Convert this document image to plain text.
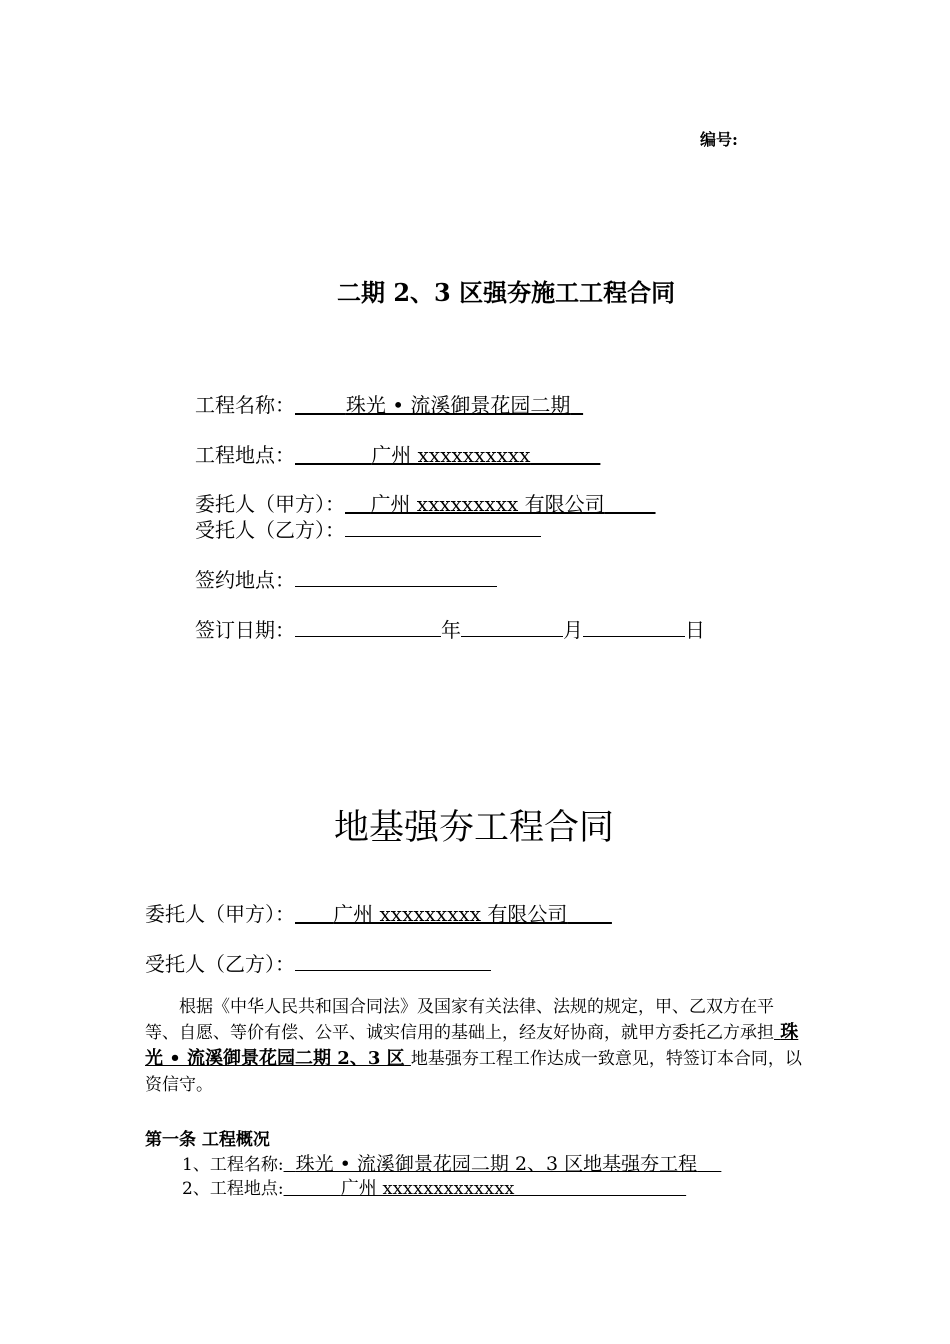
编号:
二期 2、3 区强夯施工工程合同
工程名称：	珠光 • 流溪御景花园二期
工程地点：	广州 xxxxxxxxxx
委托人（甲方）： 广州 xxxxxxxxx 有限公司
受托人（乙方）：
签约地点：
签订日期：	年	月	日
地基强夯工程合同
委托人（甲方）： 广州 xxxxxxxxx 有限公司
受托人（乙方）：
根据《中华人民共和国合同法》及国家有关法律、法规的规定，甲、乙双方在平等、自愿、等价有偿、公平、诚实信用的基础上，经友好协商，就甲方委托乙方承担 珠光 • 流溪御景花园二期 2、3 区 地基强夯工程工作达成一致意见，特签订本合同，以资信守。
第一条 工程概况
1、工程名称: 珠光 • 流溪御景花园二期 2、3 区地基强夯工程
2、工程地点:	广州 xxxxxxxxxxxxx
